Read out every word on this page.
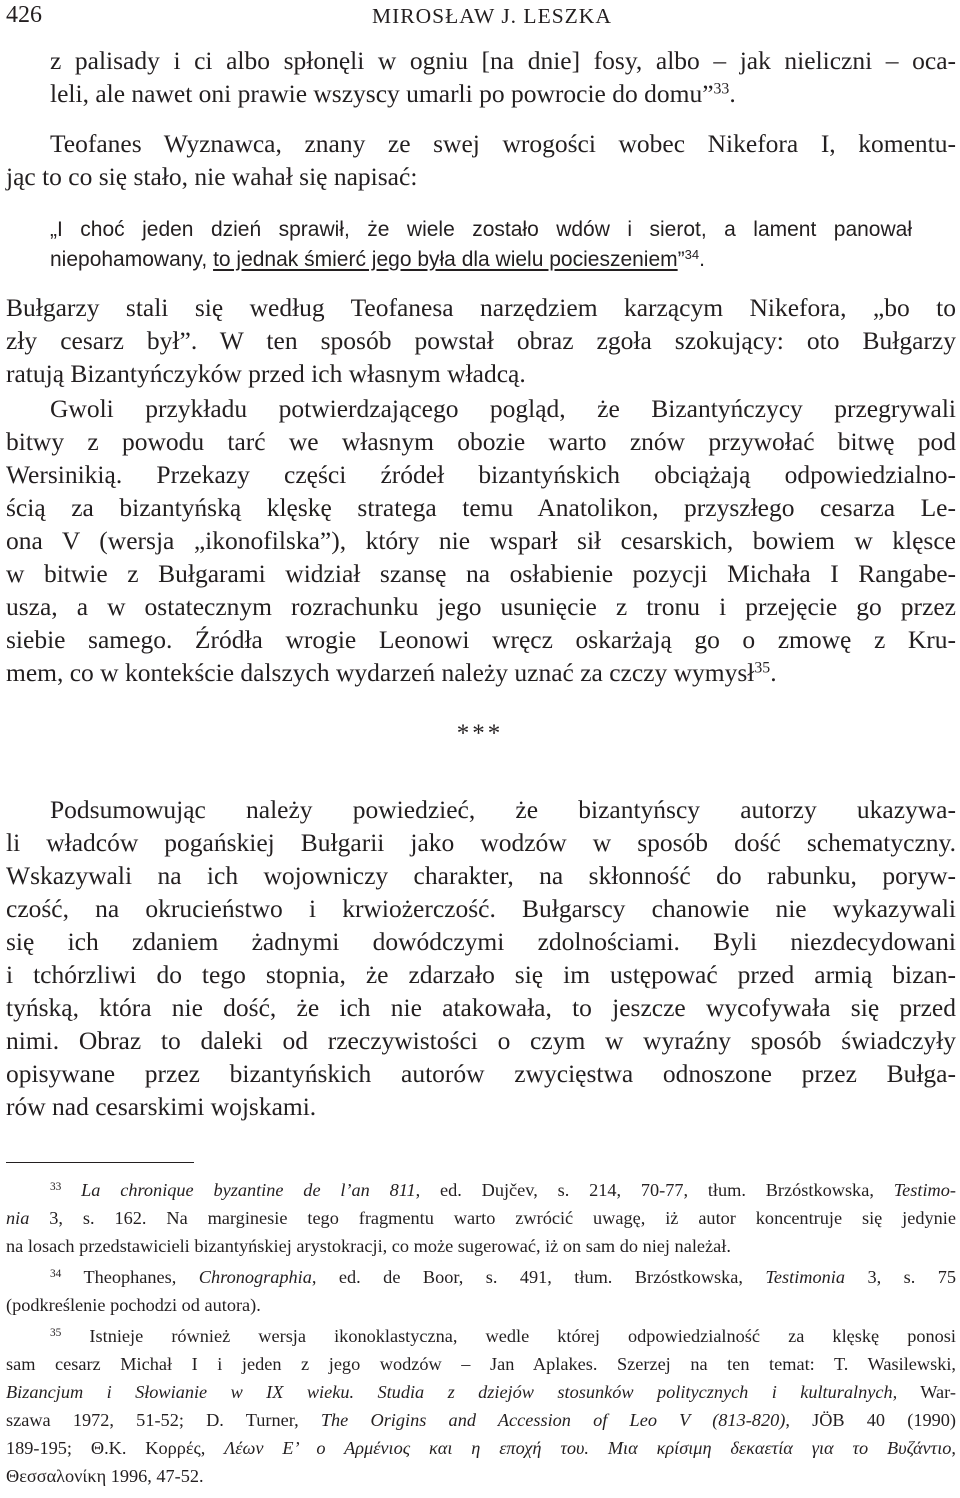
426	MIROSŁAW J. LESZKA
z palisady i ci albo spłonęli w ogniu [na dnie] fosy, albo – jak nieliczni – oca-
leli, ale nawet oni prawie wszyscy umarli po powrocie do domu”$^{33}$.
Teofanes Wyznawca, znany ze swej wrogości wobec Nikefora I, komentu-
jąc to co się stało, nie wahał się napisać:
„I choć jeden dzień sprawił, że wiele zostało wdów i sierot, a lament panował
niepohamowany, to jednak śmierć jego była dla wielu pocieszeniem”$^{34}$.
Bułgarzy stali się według Teofanesa narzędziem karzącym Nikefora, „bo to
zły cesarz był”. W ten sposób powstał obraz zgoła szokujący: oto Bułgarzy
ratują Bizantyńczyków przed ich własnym władcą.
Gwoli przykładu potwierdzającego pogląd, że Bizantyńczycy przegrywali
bitwy z powodu tarć we własnym obozie warto znów przywołać bitwę pod
Wersinikią. Przekazy części źródeł bizantyńskich obciążają odpowiedzialno-
ścią za bizantyńską klęskę stratega temu Anatolikon, przyszłego cesarza Le-
ona V (wersja „ikonofilska”), który nie wsparł sił cesarskich, bowiem w klęsce
w bitwie z Bułgarami widział szansę na osłabienie pozycji Michała I Rangabe-
usza, a w ostatecznym rozrachunku jego usunięcie z tronu i przejęcie go przez
siebie samego. Źródła wrogie Leonowi wręcz oskarżają go o zmowę z Kru-
mem, co w kontekście dalszych wydarzeń należy uznać za czczy wymysł$^{35}$.
***
Podsumowując należy powiedzieć, że bizantyńscy autorzy ukazywa-
li władców pogańskiej Bułgarii jako wodzów w sposób dość schematyczny.
Wskazywali na ich wojowniczy charakter, na skłonność do rabunku, poryw-
czość, na okrucieństwo i krwiożerczość. Bułgarscy chanowie nie wykazywali
się ich zdaniem żadnymi dowódczymi zdolnościami. Byli niezdecydowani
i tchórzliwi do tego stopnia, że zdarzało się im ustępować przed armią bizan-
tyńską, która nie dość, że ich nie atakowała, to jeszcze wycofywała się przed
nimi. Obraz to daleki od rzeczywistości o czym w wyraźny sposób świadczyły
opisywane przez bizantyńskich autorów zwycięstwa odnoszone przez Bułga-
rów nad cesarskimi wojskami.
$^{33}$ La chronique byzantine de l’an 811, ed. Dujčev, s. 214, 70-77, tłum. Brzóstkowska, Testimo-
nia 3, s. 162. Na marginesie tego fragmentu warto zwrócić uwagę, iż autor koncentruje się jedynie
na losach przedstawicieli bizantyńskiej arystokracji, co może sugerować, iż on sam do niej należał.
$^{34}$ Theophanes, Chronographia, ed. de Boor, s. 491, tłum. Brzóstkowska, Testimonia 3, s. 75
(podkreślenie pochodzi od autora).
$^{35}$ Istnieje również wersja ikonoklastyczna, wedle której odpowiedzialność za klęskę ponosi
sam cesarz Michał I i jeden z jego wodzów – Jan Aplakes. Szerzej na ten temat: T. Wasilewski,
Bizancjum i Słowianie w IX wieku. Studia z dziejów stosunków politycznych i kulturalnych, War-
szawa 1972, 51-52; D. Turner, The Origins and Accession of Leo V (813-820), JÖB 40 (1990)
189-195; Θ.Κ. Κορρές, Λέων Ε’ ο Αρμένιος και η εποχή του. Μια κρίσιμη δεκαετία για το Βυζάντιο,
Θεσσαλονίκη 1996, 47-52.
